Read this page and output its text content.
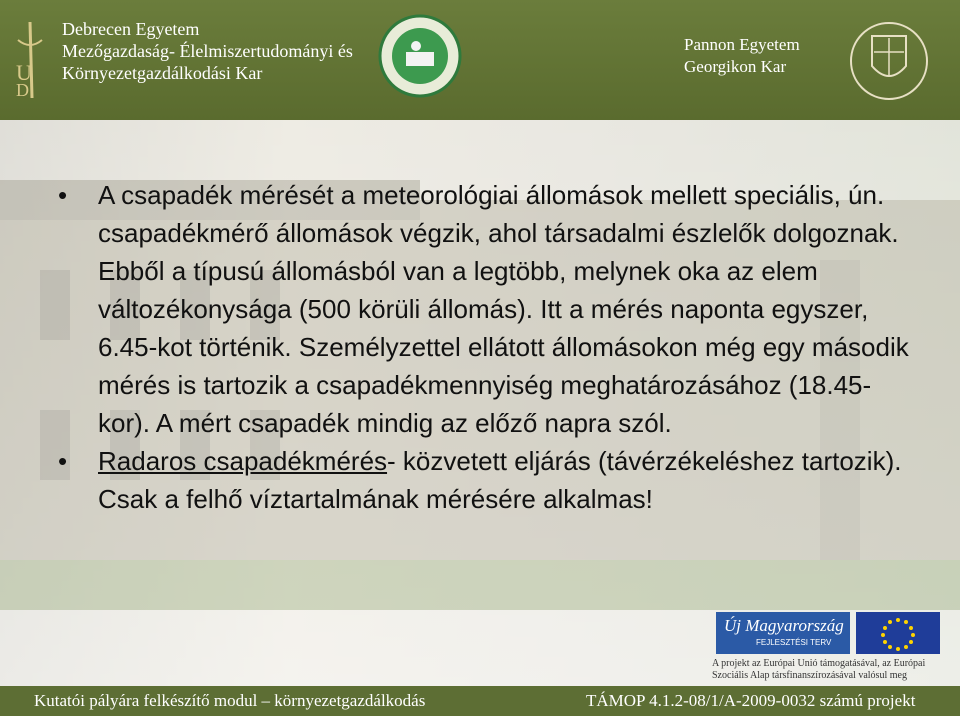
U
D
Debrecen Egyetem
Mezőgazdaság- Élelmiszertudományi és
Környezetgazdálkodási Kar
Pannon Egyetem
Georgikon Kar
• A csapadék mérését a meteorológiai állomások mellett speciális, ún. csapadékmérő állomások végzik, ahol társadalmi észlelők dolgoznak. Ebből a típusú állomásból van a legtöbb, melynek oka az elem változékonysága (500 körüli állomás). Itt a mérés naponta egyszer, 6.45-kot történik. Személyzettel ellátott állomásokon még egy második mérés is tartozik a csapadékmennyiség meghatározásához (18.45-kor). A mért csapadék mindig az előző napra szól.
• Radaros csapadékmérés- közvetett eljárás (távérzékeléshez tartozik). Csak a felhő víztartalmának mérésére alkalmas!
Új Magyarország
FEJLESZTÉSI TERV
A projekt az Európai Unió támogatásával, az Európai
Szociális Alap társfinanszírozásával valósul meg
Kutatói pályára felkészítő modul – környezetgazdálkodás	TÁMOP 4.1.2-08/1/A-2009-0032 számú projekt
